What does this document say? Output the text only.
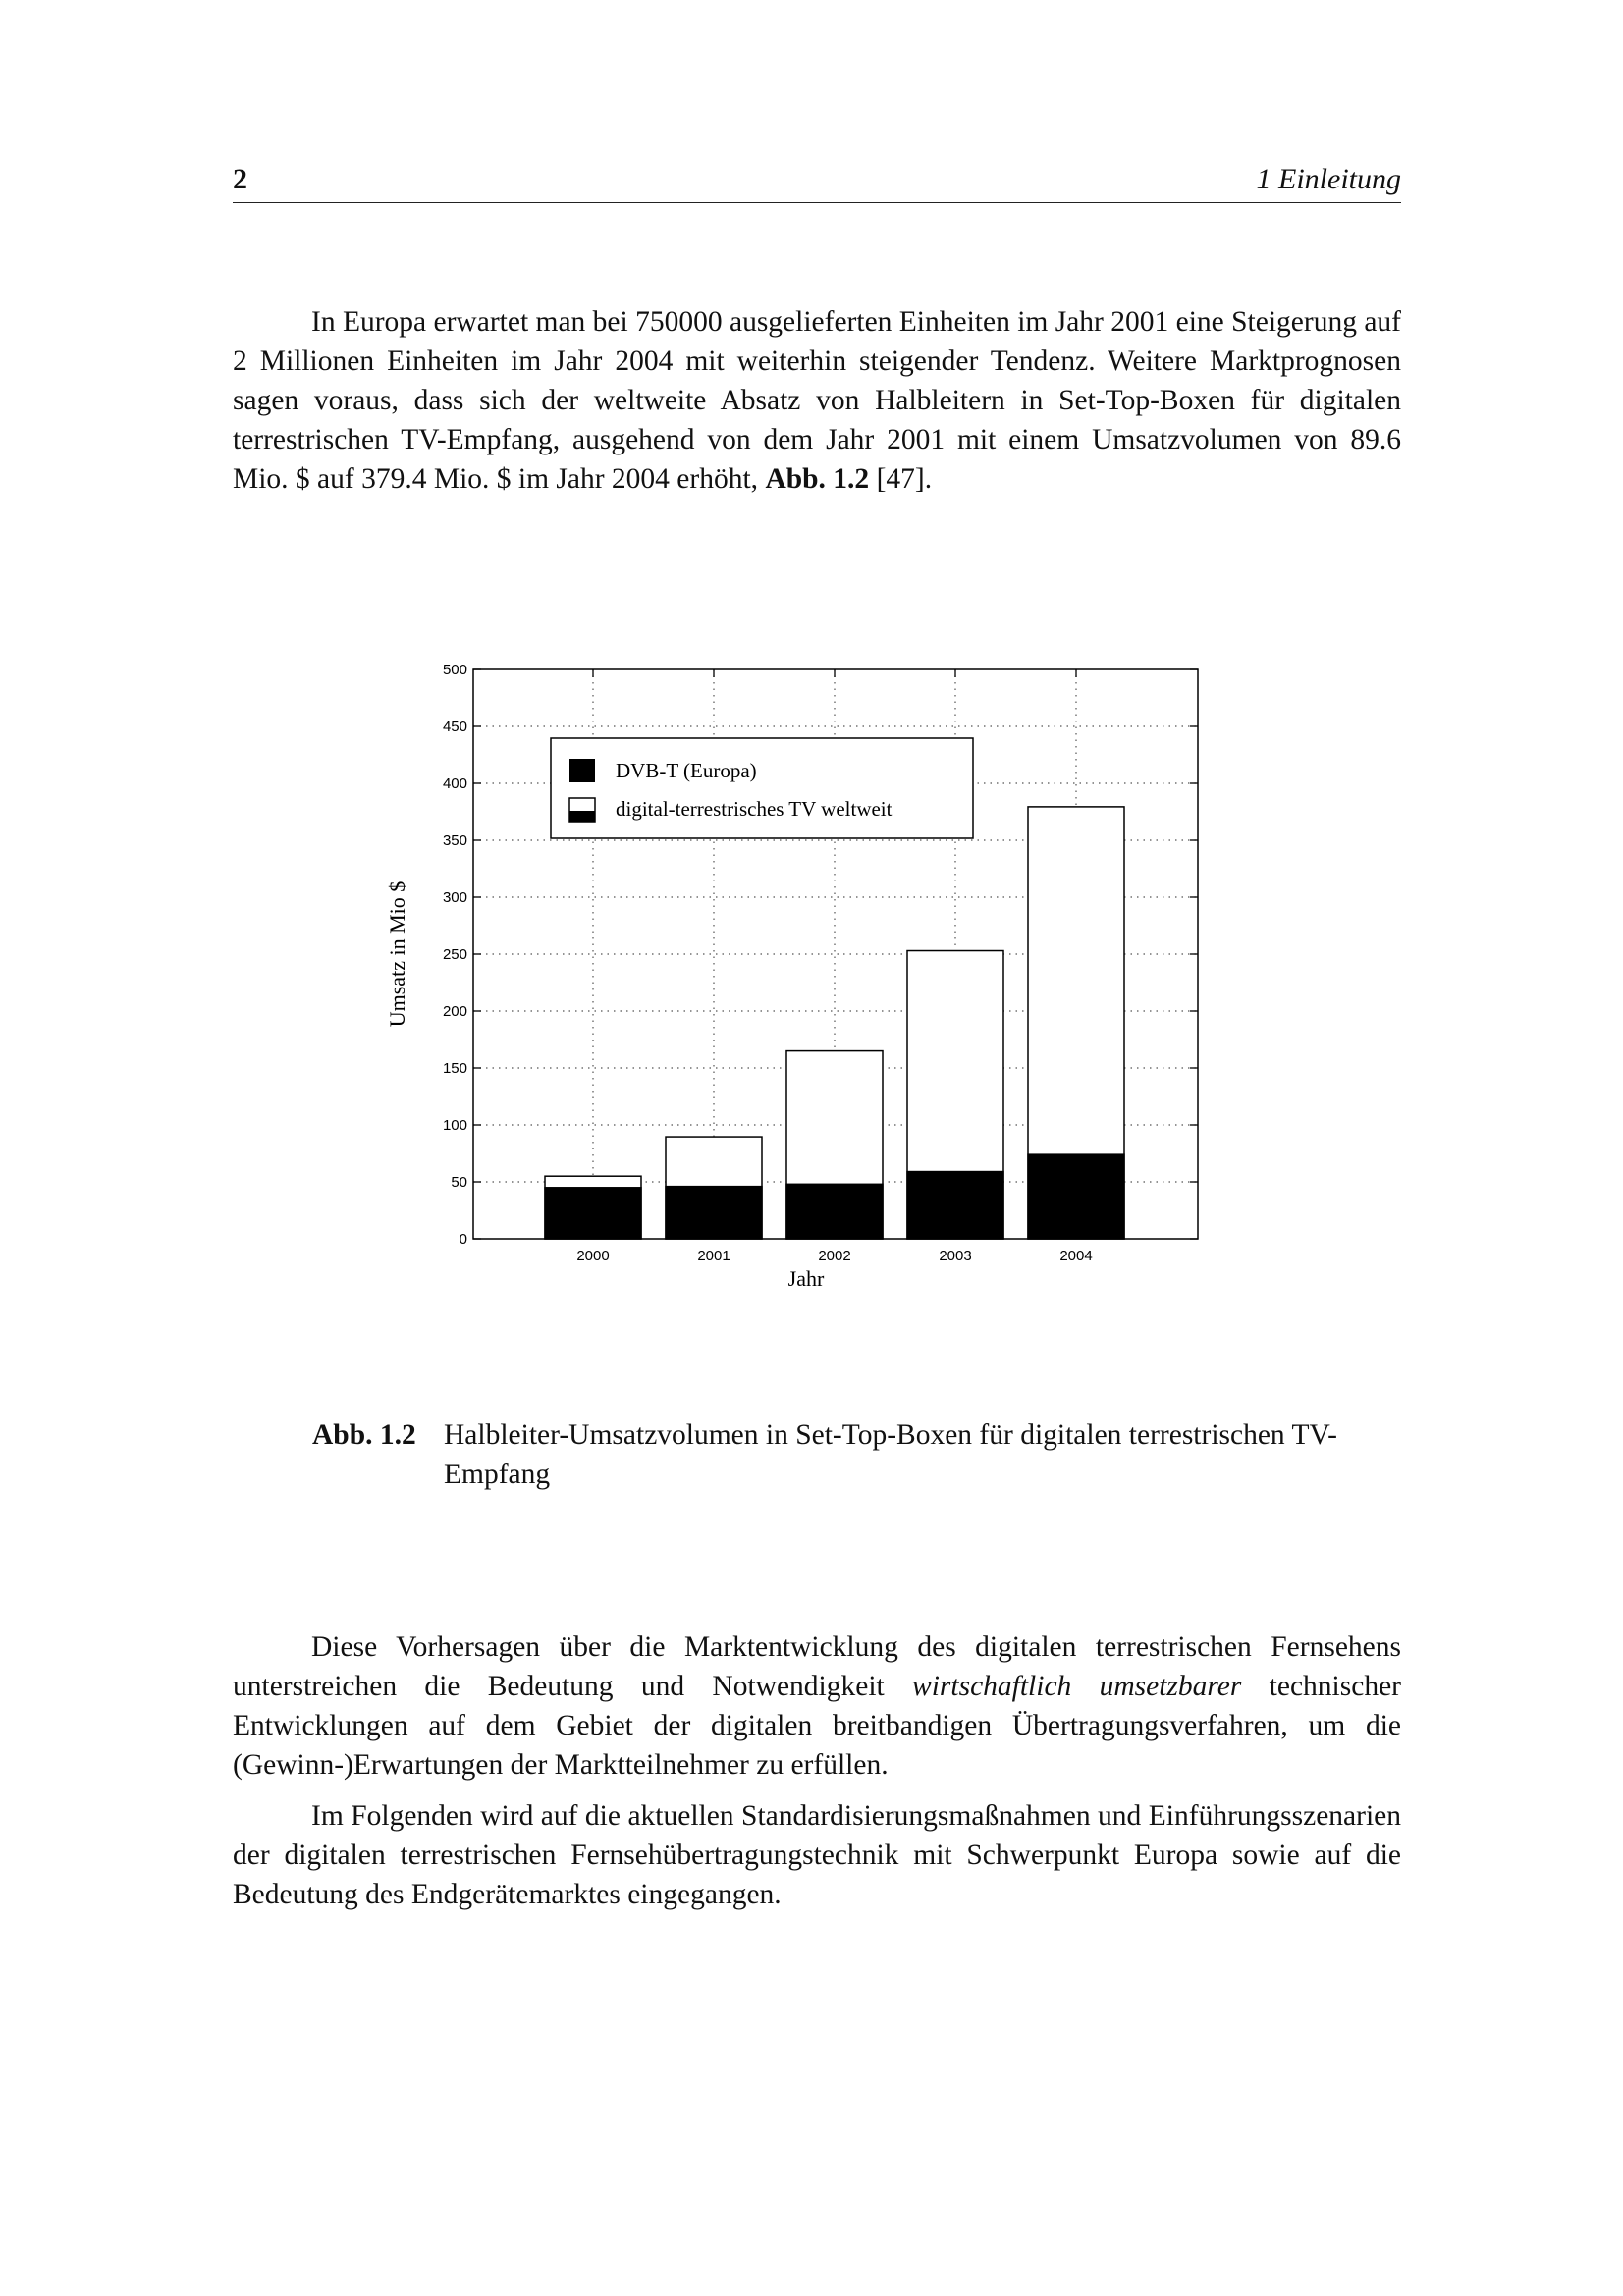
2	1 Einleitung

In Europa erwartet man bei 750000 ausgelieferten Einheiten im Jahr 2001 eine Steigerung auf 2 Millionen Einheiten im Jahr 2004 mit weiterhin steigender Tendenz. Weitere Marktprognosen sagen voraus, dass sich der weltweite Absatz von Halbleitern in Set-Top-Boxen für digitalen terrestrischen TV-Empfang, ausgehend von dem Jahr 2001 mit einem Umsatzvolumen von 89.6 Mio. $ auf 379.4 Mio. $ im Jahr 2004 erhöht, Abb. 1.2 [47].

0
50
100
150
200
250
300
350
400
450
500
2000	2001	2002	2003	2004
DVB-T (Europa)
digital-terrestrisches TV weltweit
Jahr
Umsatz in Mio $
Abb. 1.2 Halbleiter-Umsatzvolumen in Set-Top-Boxen für digitalen terrestrischen TV-Empfang

Diese Vorhersagen über die Marktentwicklung des digitalen terrestrischen Fernsehens unterstreichen die Bedeutung und Notwendigkeit wirtschaftlich umsetzbarer technischer Entwicklungen auf dem Gebiet der digitalen breitbandigen Übertragungsverfahren, um die (Gewinn-)Erwartungen der Marktteilnehmer zu erfüllen.

Im Folgenden wird auf die aktuellen Standardisierungsmaßnahmen und Einführungsszenarien der digitalen terrestrischen Fernsehübertragungstechnik mit Schwerpunkt Europa sowie auf die Bedeutung des Endgerätemarktes eingegangen.
